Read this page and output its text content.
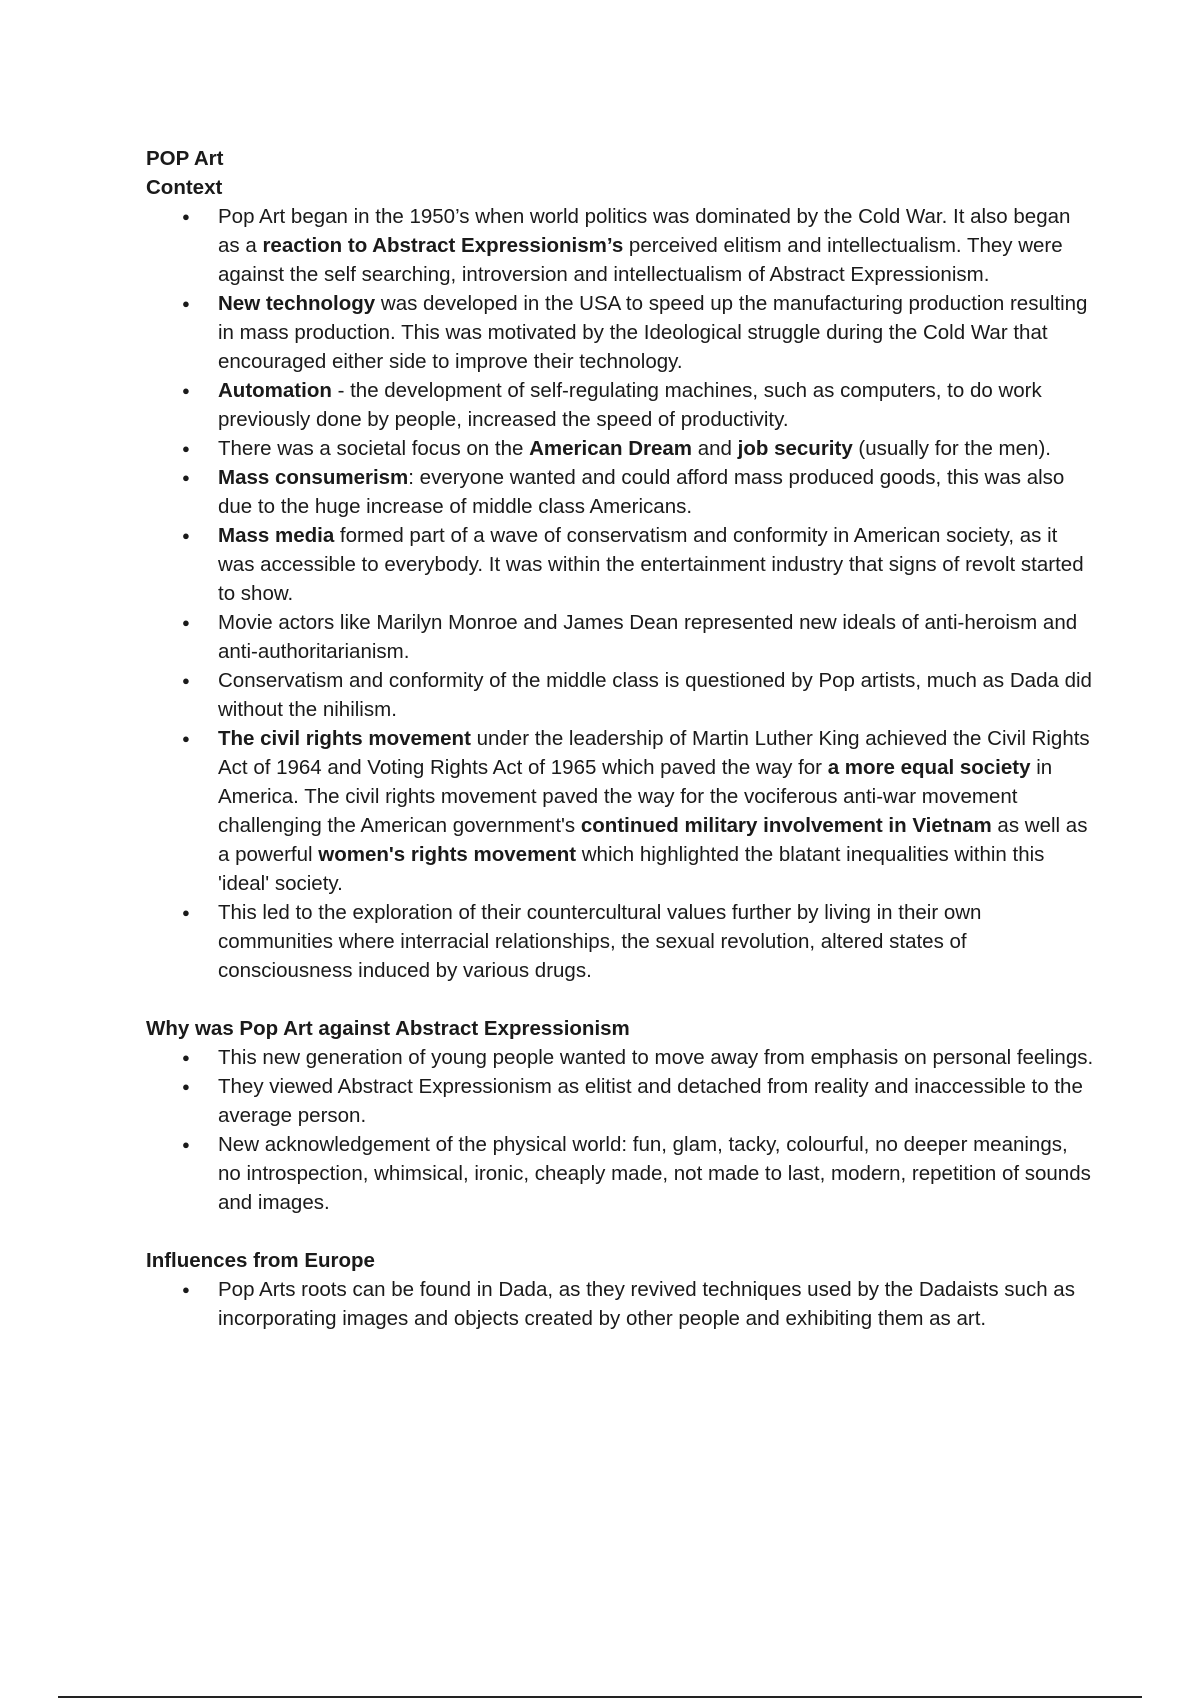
POP Art

Context

● Pop Art began in the 1950’s when world politics was dominated by the Cold War. It also began as a reaction to Abstract Expressionism’s perceived elitism and intellectualism. They were against the self searching, introversion and intellectualism of Abstract Expressionism.
● New technology was developed in the USA to speed up the manufacturing production resulting in mass production. This was motivated by the Ideological struggle during the Cold War that encouraged either side to improve their technology.
● Automation - the development of self-regulating machines, such as computers, to do work previously done by people, increased the speed of productivity.
● There was a societal focus on the American Dream and job security (usually for the men).
● Mass consumerism: everyone wanted and could afford mass produced goods, this was also due to the huge increase of middle class Americans.
● Mass media formed part of a wave of conservatism and conformity in American society, as it was accessible to everybody. It was within the entertainment industry that signs of revolt started to show.
● Movie actors like Marilyn Monroe and James Dean represented new ideals of anti-heroism and anti-authoritarianism.
● Conservatism and conformity of the middle class is questioned by Pop artists, much as Dada did without the nihilism.
● The civil rights movement under the leadership of Martin Luther King achieved the Civil Rights Act of 1964 and Voting Rights Act of 1965 which paved the way for a more equal society in America. The civil rights movement paved the way for the vociferous anti-war movement challenging the American government's continued military involvement in Vietnam as well as a powerful women's rights movement which highlighted the blatant inequalities within this 'ideal' society.
● This led to the exploration of their countercultural values further by living in their own communities where interracial relationships, the sexual revolution, altered states of consciousness induced by various drugs.

Why was Pop Art against Abstract Expressionism

● This new generation of young people wanted to move away from emphasis on personal feelings.
● They viewed Abstract Expressionism as elitist and detached from reality and inaccessible to the average person.
● New acknowledgement of the physical world: fun, glam, tacky, colourful, no deeper meanings, no introspection, whimsical, ironic, cheaply made, not made to last, modern, repetition of sounds and images.

Influences from Europe

● Pop Arts roots can be found in Dada, as they revived techniques used by the Dadaists such as incorporating images and objects created by other people and exhibiting them as art.
